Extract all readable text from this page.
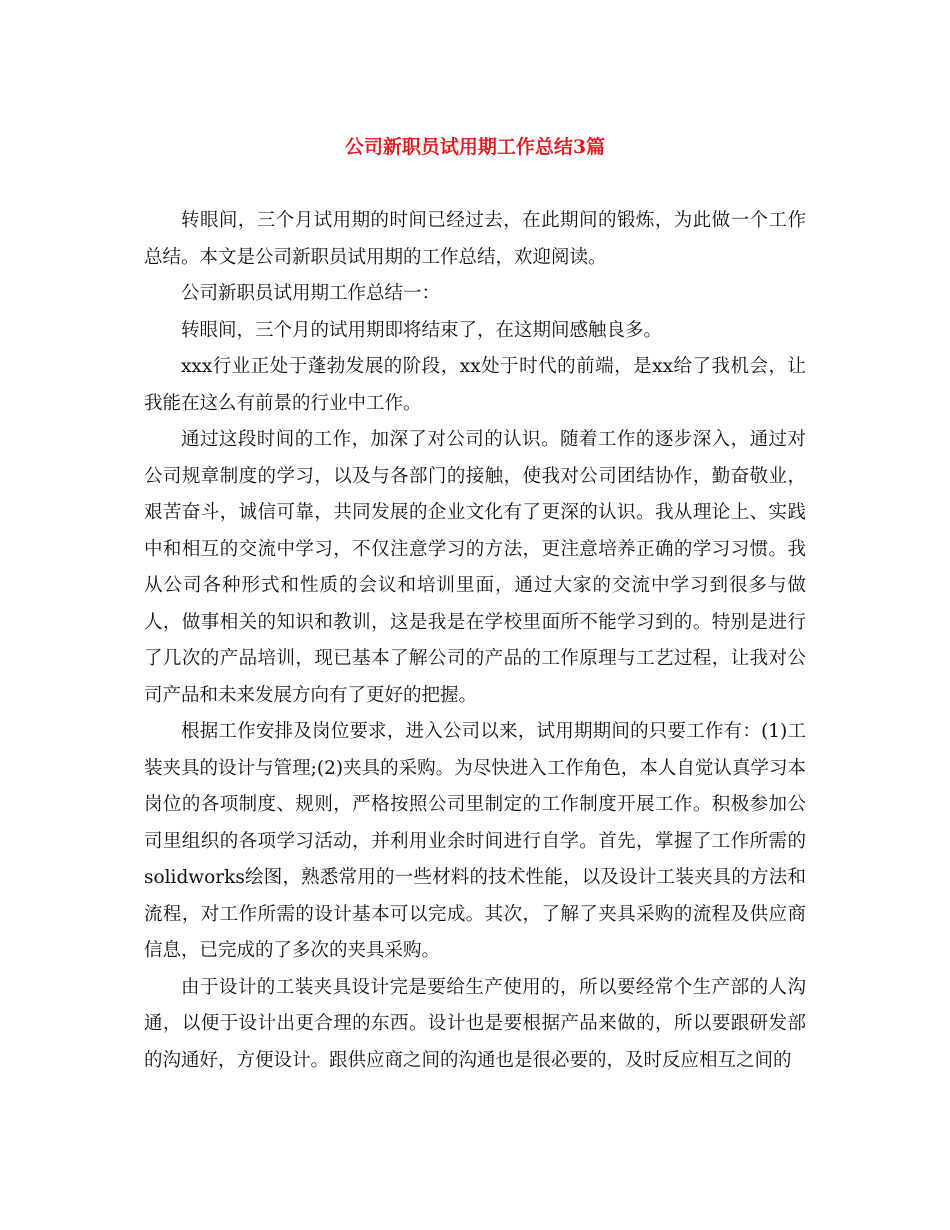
公司新职员试用期工作总结3篇

转眼间，三个月试用期的时间已经过去，在此期间的锻炼，为此做一个工作总结。本文是公司新职员试用期的工作总结，欢迎阅读。

公司新职员试用期工作总结一：

转眼间，三个月的试用期即将结束了，在这期间感触良多。

xxx行业正处于蓬勃发展的阶段，xx处于时代的前端，是xx给了我机会，让我能在这么有前景的行业中工作。

通过这段时间的工作，加深了对公司的认识。随着工作的逐步深入，通过对公司规章制度的学习，以及与各部门的接触，使我对公司团结协作，勤奋敬业，艰苦奋斗，诚信可靠，共同发展的企业文化有了更深的认识。我从理论上、实践中和相互的交流中学习，不仅注意学习的方法，更注意培养正确的学习习惯。我从公司各种形式和性质的会议和培训里面，通过大家的交流中学习到很多与做人，做事相关的知识和教训，这是我是在学校里面所不能学习到的。特别是进行了几次的产品培训，现已基本了解公司的产品的工作原理与工艺过程，让我对公司产品和未来发展方向有了更好的把握。

根据工作安排及岗位要求，进入公司以来，试用期期间的只要工作有：(1)工装夹具的设计与管理;(2)夹具的采购。为尽快进入工作角色，本人自觉认真学习本岗位的各项制度、规则，严格按照公司里制定的工作制度开展工作。积极参加公司里组织的各项学习活动，并利用业余时间进行自学。首先，掌握了工作所需的solidworks绘图，熟悉常用的一些材料的技术性能，以及设计工装夹具的方法和流程，对工作所需的设计基本可以完成。其次，了解了夹具采购的流程及供应商信息，已完成的了多次的夹具采购。

由于设计的工装夹具设计完是要给生产使用的，所以要经常个生产部的人沟通，以便于设计出更合理的东西。设计也是要根据产品来做的，所以要跟研发部的沟通好，方便设计。跟供应商之间的沟通也是很必要的，及时反应相互之间的
